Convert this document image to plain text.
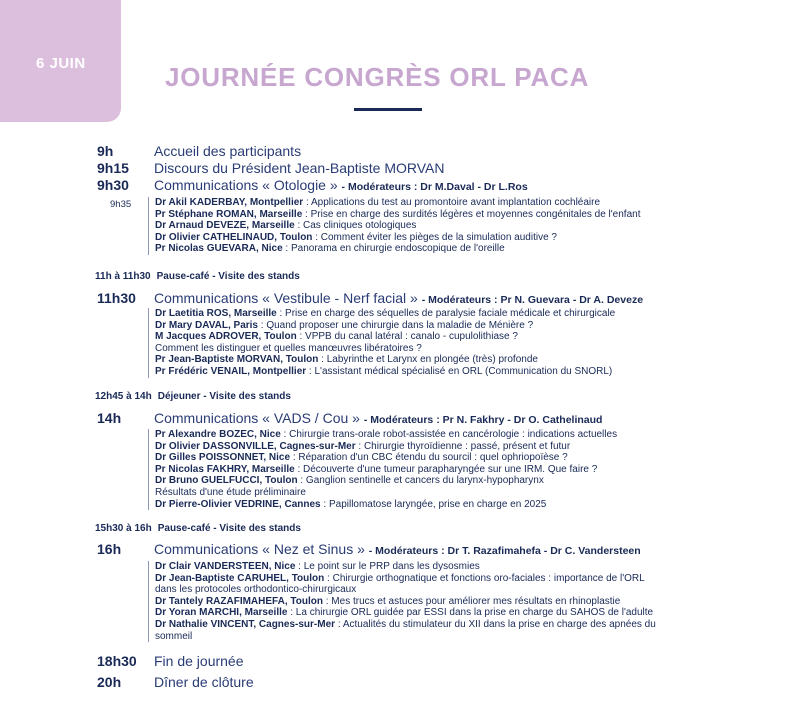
6 JUIN	JOURNÉE CONGRÈS ORL PACA
9h	Accueil des participants
9h15 Discours du Président Jean-Baptiste MORVAN
9h30 Communications « Otologie » - Modérateurs : Dr M.Daval - Dr L.Ros
9h35 Dr Akil KADERBAY, Montpellier : Applications du test au promontoire avant implantation cochléaire
Pr Stéphane ROMAN, Marseille : Prise en charge des surdités légères et moyennes congénitales de l'enfant
Dr Arnaud DEVEZE, Marseille : Cas cliniques otologiques
Dr Olivier CATHELINAUD, Toulon : Comment éviter les pièges de la simulation auditive ?
Pr Nicolas GUEVARA, Nice : Panorama en chirurgie endoscopique de l'oreille
11h à 11h30 Pause-café - Visite des stands
11h30 Communications « Vestibule - Nerf facial » - Modérateurs : Pr N. Guevara - Dr A. Deveze
Dr Laetitia ROS, Marseille : Prise en charge des séquelles de paralysie faciale médicale et chirurgicale
Dr Mary DAVAL, Paris : Quand proposer une chirurgie dans la maladie de Ménière ?
M Jacques ADROVER, Toulon : VPPB du canal latéral : canalo - cupulolithiase ?
Comment les distinguer et quelles manœuvres libératoires ?
Pr Jean-Baptiste MORVAN, Toulon : Labyrinthe et Larynx en plongée (très) profonde
Pr Frédéric VENAIL, Montpellier : L'assistant médical spécialisé en ORL (Communication du SNORL)
12h45 à 14h Déjeuner - Visite des stands
14h Communications « VADS / Cou » - Modérateurs : Pr N. Fakhry - Dr O. Cathelinaud
Pr Alexandre BOZEC, Nice : Chirurgie trans-orale robot-assistée en cancérologie : indications actuelles
Dr Olivier DASSONVILLE, Cagnes-sur-Mer : Chirurgie thyroïdienne : passé, présent et futur
Dr Gilles POISSONNET, Nice : Réparation d'un CBC étendu du sourcil : quel ophriopoïèse ?
Pr Nicolas FAKHRY, Marseille : Découverte d'une tumeur parapharyngée sur une IRM. Que faire ?
Dr Bruno GUELFUCCI, Toulon : Ganglion sentinelle et cancers du larynx-hypopharynx
Résultats d'une étude préliminaire
Dr Pierre-Olivier VEDRINE, Cannes : Papillomatose laryngée, prise en charge en 2025
15h30 à 16h Pause-café - Visite des stands
16h Communications « Nez et Sinus » - Modérateurs : Dr T. Razafimahefa - Dr C. Vandersteen
Dr Clair VANDERSTEEN, Nice : Le point sur le PRP dans les dysosmies
Dr Jean-Baptiste CARUHEL, Toulon : Chirurgie orthognatique et fonctions oro-faciales : importance de l'ORL
dans les protocoles orthodontico-chirurgicaux
Dr Tantely RAZAFIMAHEFA, Toulon : Mes trucs et astuces pour améliorer mes résultats en rhinoplastie
Dr Yoran MARCHI, Marseille : La chirurgie ORL guidée par ESSI dans la prise en charge du SAHOS de l'adulte
Dr Nathalie VINCENT, Cagnes-sur-Mer : Actualités du stimulateur du XII dans la prise en charge des apnées du
sommeil
18h30 Fin de journée
20h Dîner de clôture
